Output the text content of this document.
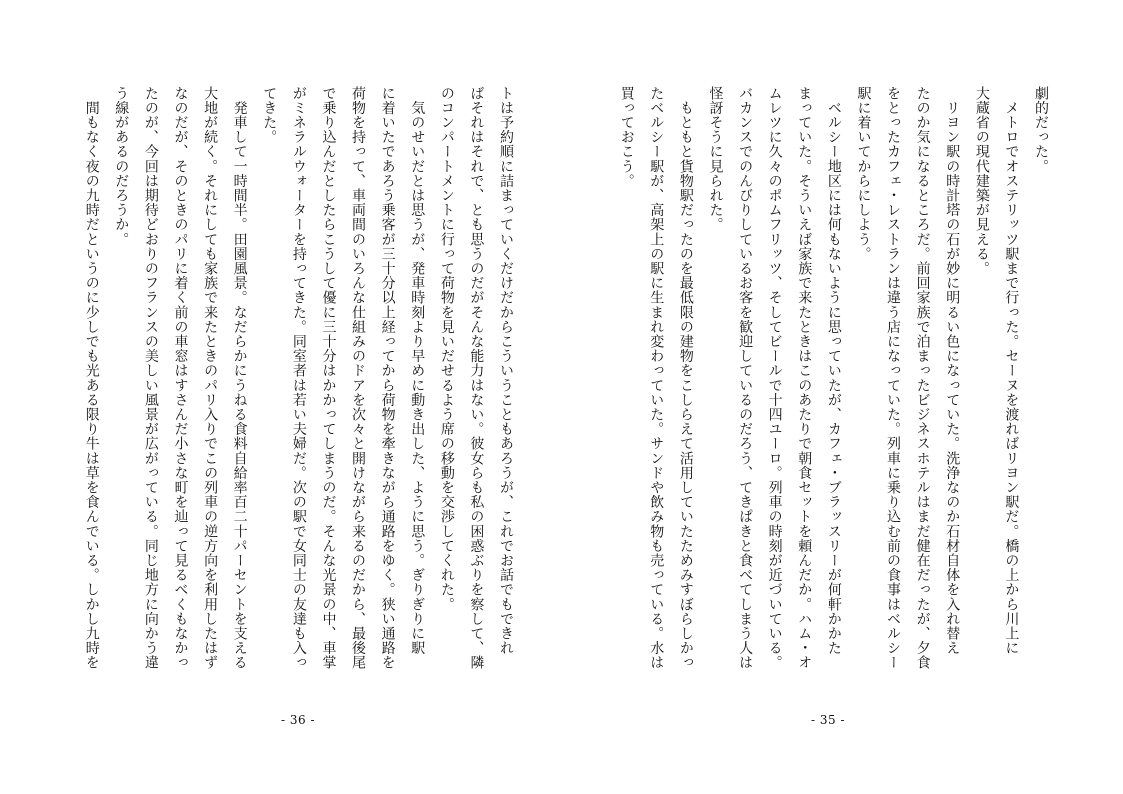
トは予約順に詰まっていくだけだからこういうこともあろうが、これでお話でもできれ
ばそれはそれで、とも思うのだがそんな能力はない。彼女らも私の困惑ぶりを察して、隣
のコンパートメントに行って荷物を見いだせるよう席の移動を交渉してくれた。
　気のせいだとは思うが、発車時刻より早めに動き出した、ように思う。ぎりぎりに駅
に着いたであろう乗客が三十分以上経ってから荷物を牽きながら通路をゆく。狭い通路を
荷物を持って、車両間のいろんな仕組みのドアを次々と開けながら来るのだから、最後尾
で乗り込んだとしたらこうして優に三十分はかかってしまうのだ。そんな光景の中、車掌
がミネラルウォーターを持ってきた。同室者は若い夫婦だ。次の駅で女同士の友達も入っ
てきた。
　発車して一時間半。田園風景。なだらかにうねる食料自給率百二十パーセントを支える
大地が続く。それにしても家族で来たときのパリ入りでこの列車の逆方向を利用したはず
なのだが、そのときのパリに着く前の車窓はすさんだ小さな町を辿って見るべくもなかっ
たのが、今回は期待どおりのフランスの美しい風景が広がっている。同じ地方に向かう違
う線があるのだろうか。
　間もなく夜の九時だというのに少しでも光ある限り牛は草を食んでいる。しかし九時を

- 36 -
劇的だった。
　メトロでオステリッツ駅まで行った。セーヌを渡ればリヨン駅だ。橋の上から川上に
大蔵省の現代建築が見える。
　リヨン駅の時計塔の石が妙に明るい色になっていた。洗浄なのか石材自体を入れ替え
たのか気になるところだ。前回家族で泊まったビジネスホテルはまだ健在だったが、夕食
をとったカフェ・レストランは違う店になっていた。列車に乗り込む前の食事はベルシー
駅に着いてからにしよう。
　ベルシー地区には何もないように思っていたが、カフェ・ブラッスリーが何軒かかた
まっていた。そういえば家族で来たときはこのあたりで朝食セットを頼んだか。ハム・オ
ムレツに久々のポムフリッツ、そしてビールで十四ユーロ。列車の時刻が近づいている。
バカンスでのんびりしているお客を歓迎しているのだろう、てきぱきと食べてしまう人は
怪訝そうに見られた。
　もともと貨物駅だったのを最低限の建物をこしらえて活用していたためみすぼらしかっ
たベルシー駅が、高架上の駅に生まれ変わっていた。サンドや飲み物も売っている。水は
買っておこう。

- 35 -
